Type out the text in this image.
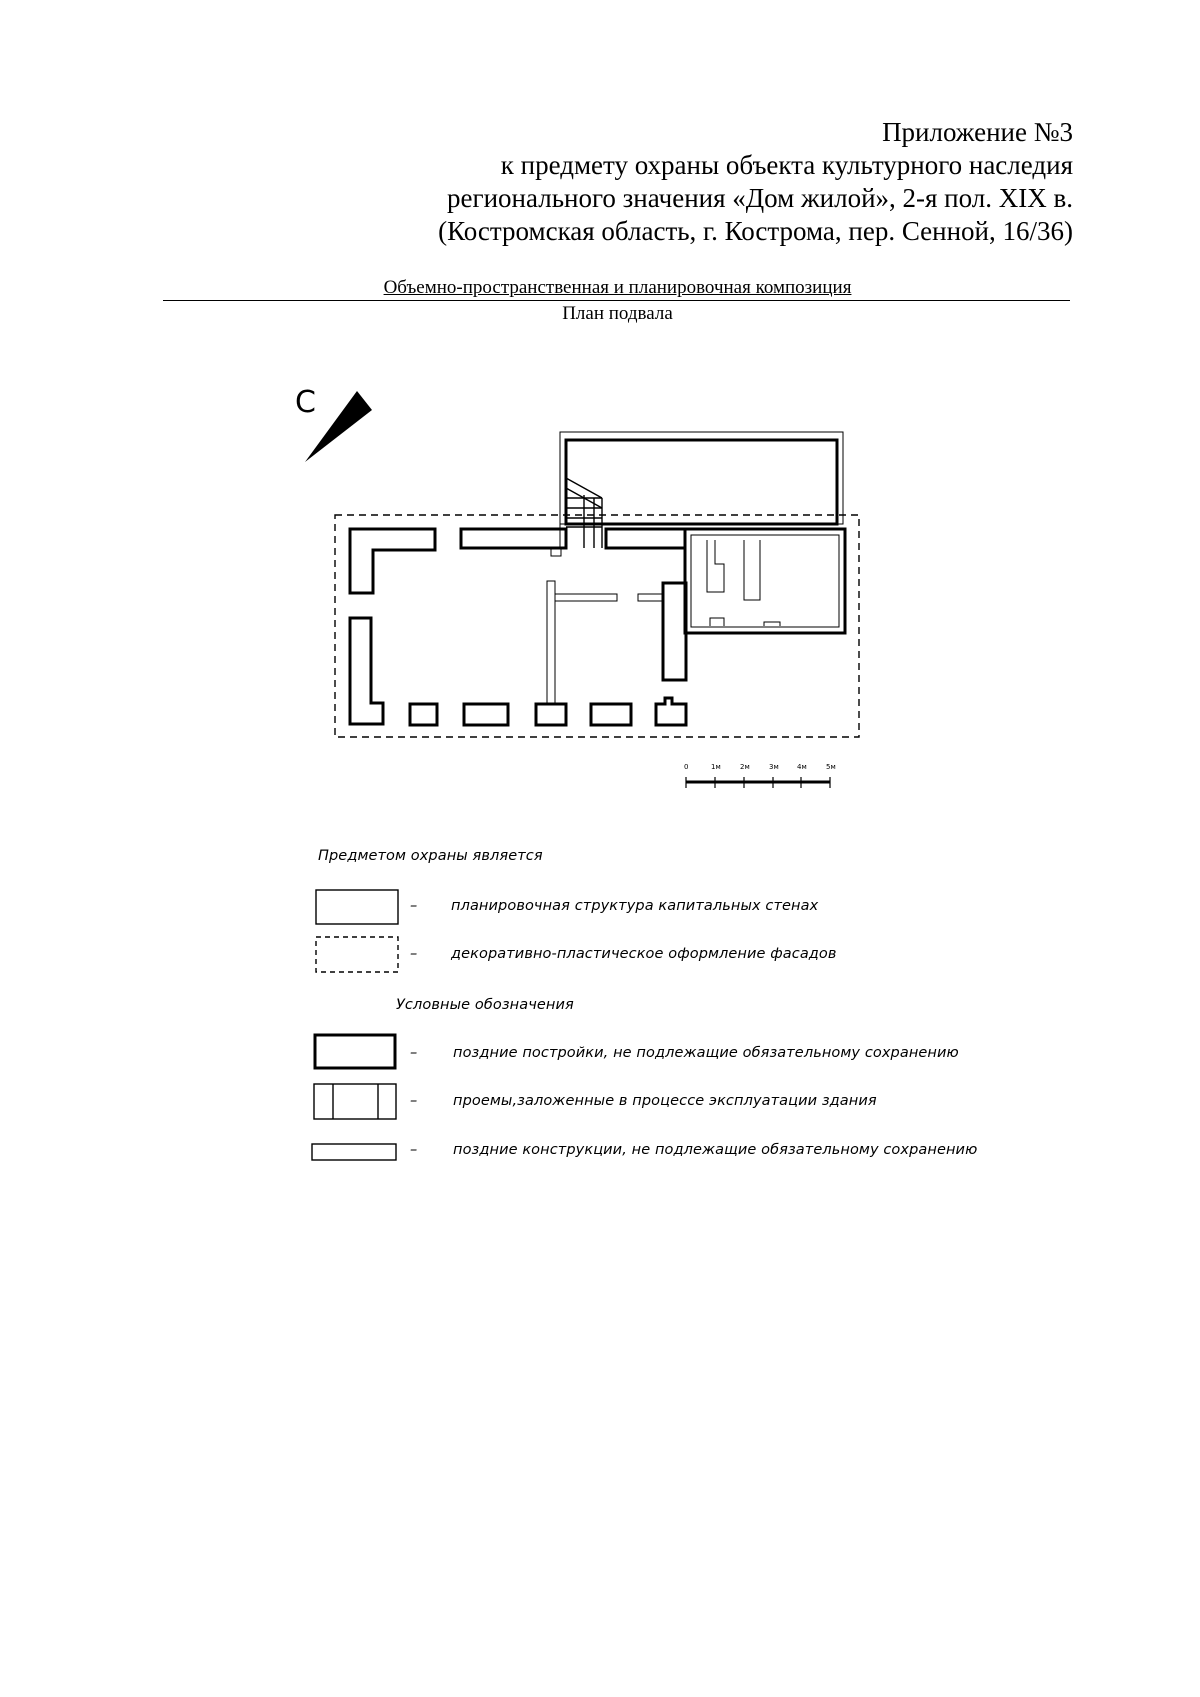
Приложение №3
к предмету охраны объекта культурного наследия
регионального значения «Дом жилой», 2-я пол. XIX в.
(Костромская область, г. Кострома, пер. Сенной, 16/36)
Объемно-пространственная и планировочная композиция
План подвала
С
0	1м	2м	3м	4м	5м
Предметом охраны является
– планировочная структура капитальных стенах
– декоративно-пластическое оформление фасадов
Условные обозначения
– поздние постройки, не подлежащие обязательному сохранению
– проемы,заложенные в процессе эксплуатации здания
– поздние конструкции, не подлежащие обязательному сохранению
